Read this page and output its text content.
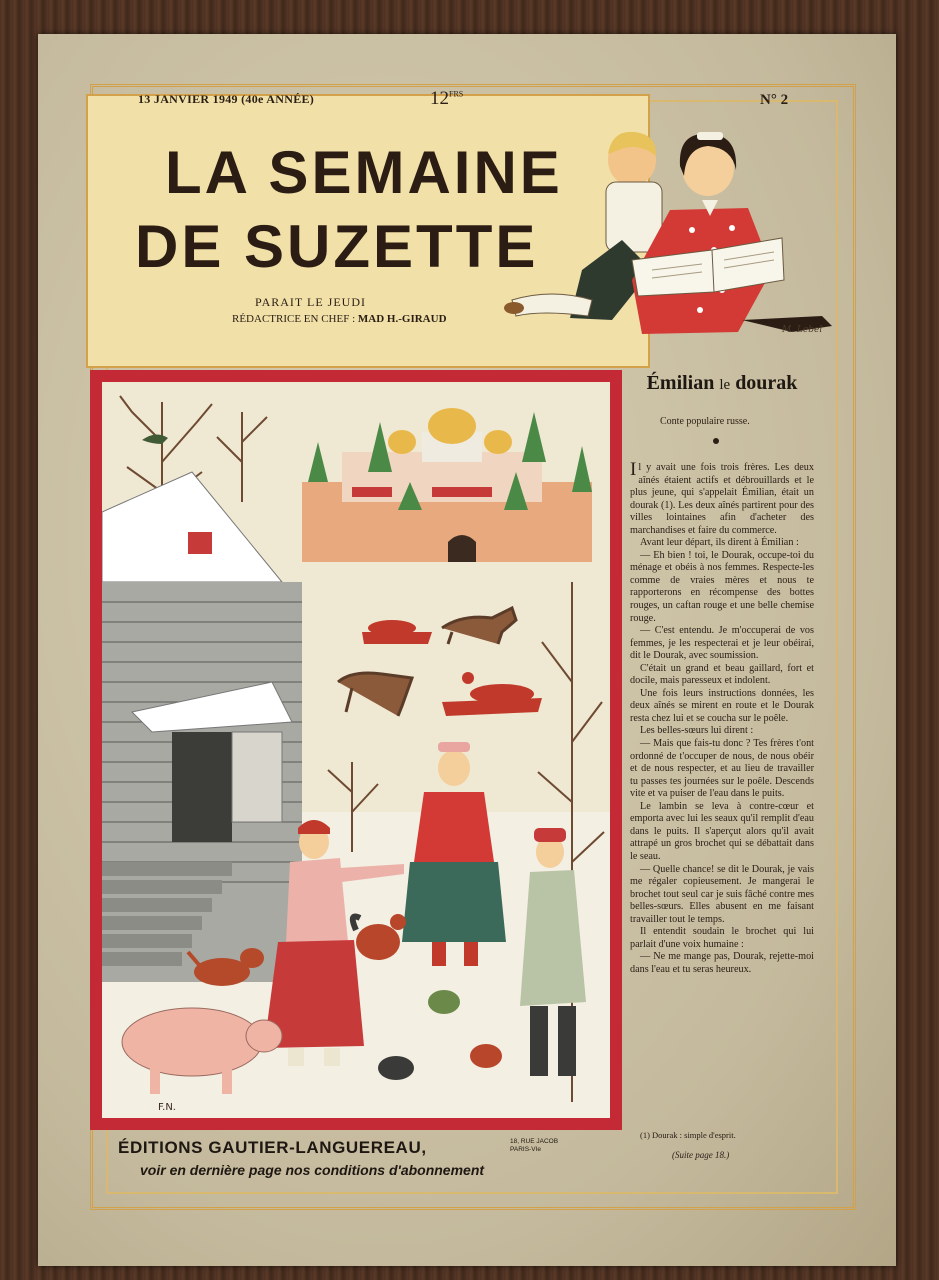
13 JANVIER 1949 (40e ANNÉE)	$12^{FRS}$	N° 2
LA SEMAINE
DE SUZETTE
PARAIT LE JEUDI
RÉDACTRICE EN CHEF : MAD H.-GIRAUD
M. Lebel
F.N.
Émilian le dourak
Conte populaire russe.

Il y avait une fois trois frères. Les deux aînés étaient actifs et débrouillards et le plus jeune, qui s'appelait Émilian, était un dourak (1). Les deux aînés partirent pour des villes lointaines afin d'acheter des marchandises et faire du commerce.

Avant leur départ, ils dirent à Émilian :

— Eh bien ! toi, le Dourak, occupe-toi du ménage et obéis à nos femmes. Respecte-les comme de vraies mères et nous te rapporterons en récompense des bottes rouges, un caftan rouge et une belle chemise rouge.

— C'est entendu. Je m'occuperai de vos femmes, je les respecterai et je leur obéirai, dit le Dourak, avec soumission.

C'était un grand et beau gaillard, fort et docile, mais paresseux et indolent.

Une fois leurs instructions données, les deux aînés se mirent en route et le Dourak resta chez lui et se coucha sur le poêle.

Les belles-sœurs lui dirent :

— Mais que fais-tu donc ? Tes frères t'ont ordonné de t'occuper de nous, de nous obéir et de nous respecter, et au lieu de travailler tu passes tes journées sur le poêle. Descends vite et va puiser de l'eau dans le puits.

Le lambin se leva à contre-cœur et emporta avec lui les seaux qu'il remplit d'eau dans le puits. Il s'aperçut alors qu'il avait attrapé un gros brochet qui se débattait dans le seau.

— Quelle chance! se dit le Dourak, je vais me régaler copieusement. Je mangerai le brochet tout seul car je suis fâché contre mes belles-sœurs. Elles abusent en me faisant travailler tout le temps.

Il entendit soudain le brochet qui lui parlait d'une voix humaine :

— Ne me mange pas, Dourak, rejette-moi dans l'eau et tu seras heureux.

(1) Dourak : simple d'esprit.
(Suite page 18.)
ÉDITIONS GAUTIER-LANGUEREAU,	18, RUE JACOB
PARIS-VIe
voir en dernière page nos conditions d'abonnement
